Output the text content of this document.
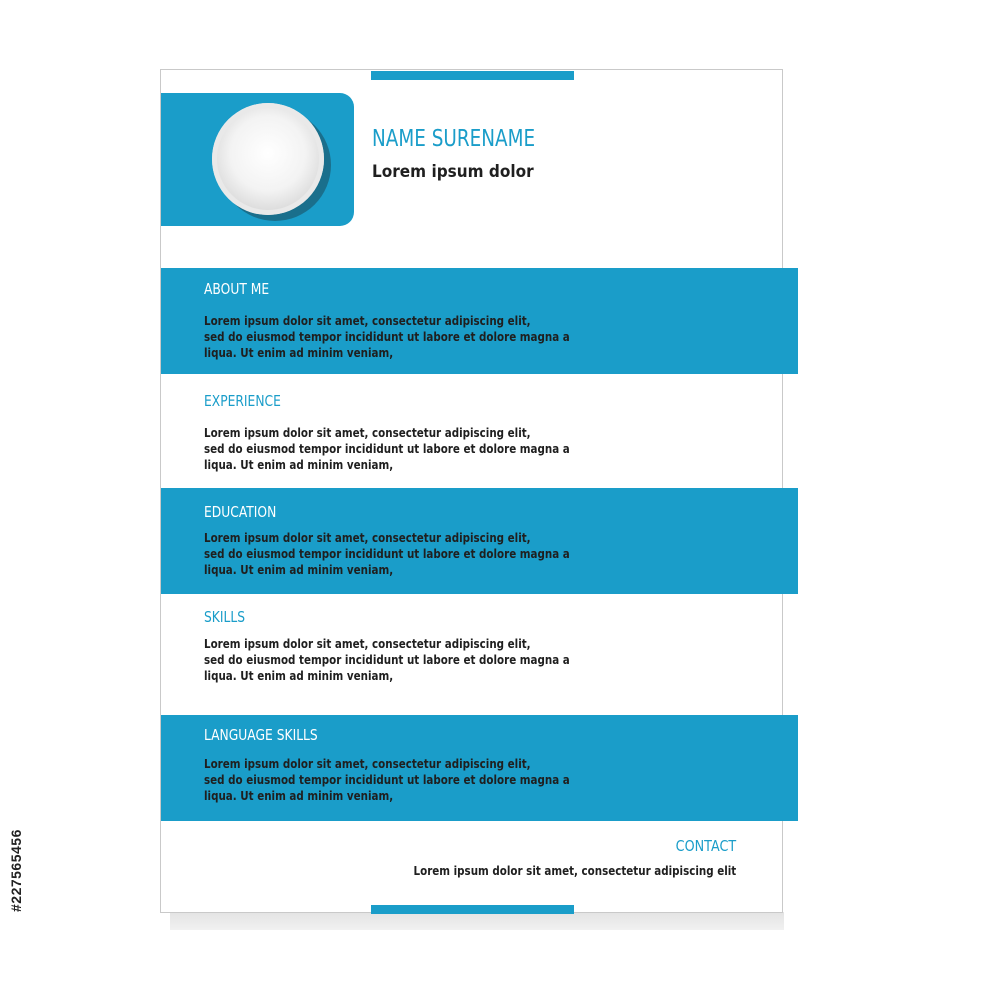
NAME SURENAME

Lorem ipsum dolor

ABOUT ME
Lorem ipsum dolor sit amet, consectetur adipiscing elit,
sed do eiusmod tempor incididunt ut labore et dolore magna a
liqua. Ut enim ad minim veniam,
EXPERIENCE
Lorem ipsum dolor sit amet, consectetur adipiscing elit,
sed do eiusmod tempor incididunt ut labore et dolore magna a
liqua. Ut enim ad minim veniam,
EDUCATION
Lorem ipsum dolor sit amet, consectetur adipiscing elit,
sed do eiusmod tempor incididunt ut labore et dolore magna a
liqua. Ut enim ad minim veniam,
SKILLS
Lorem ipsum dolor sit amet, consectetur adipiscing elit,
sed do eiusmod tempor incididunt ut labore et dolore magna a
liqua. Ut enim ad minim veniam,
LANGUAGE SKILLS
Lorem ipsum dolor sit amet, consectetur adipiscing elit,
sed do eiusmod tempor incididunt ut labore et dolore magna a
liqua. Ut enim ad minim veniam,
CONTACT

Lorem ipsum dolor sit amet, consectetur adipiscing elit

#227565456
